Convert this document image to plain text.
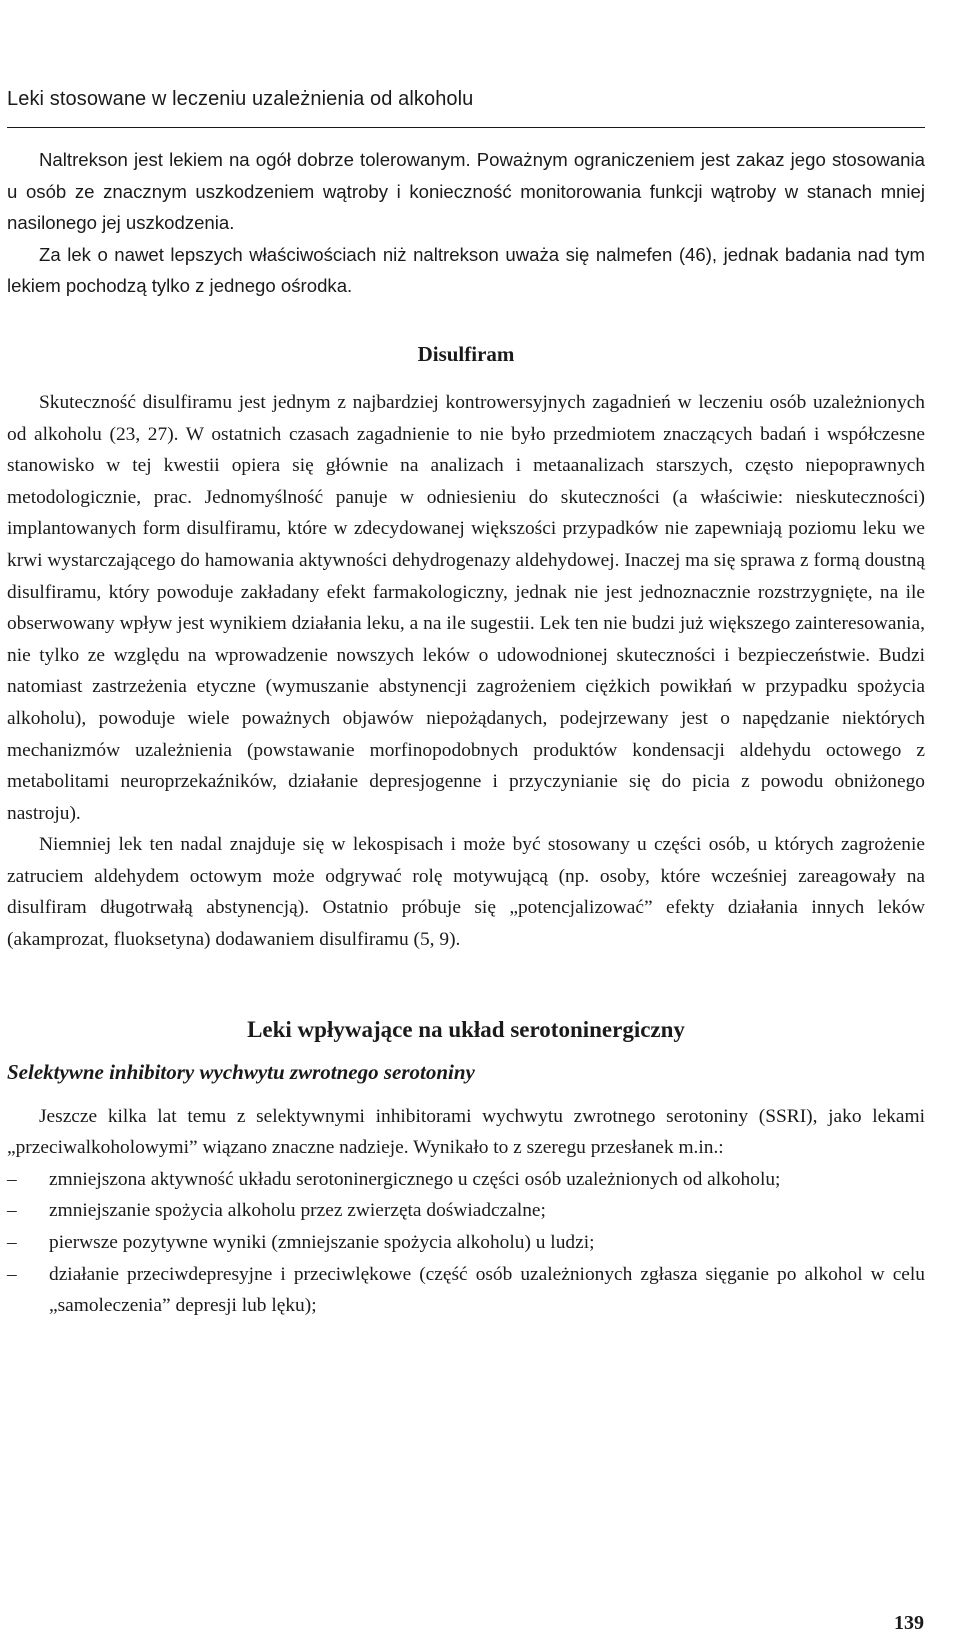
Leki stosowane w leczeniu uzależnienia od alkoholu

Naltrekson jest lekiem na ogół dobrze tolerowanym. Poważnym ograniczeniem jest zakaz jego stosowania u osób ze znacznym uszkodzeniem wątroby i konieczność monitorowania funkcji wątroby w stanach mniej nasilonego jej uszkodzenia.

Za lek o nawet lepszych właściwościach niż naltrekson uważa się nalmefen (46), jednak badania nad tym lekiem pochodzą tylko z jednego ośrodka.

Disulfiram

Skuteczność disulfiramu jest jednym z najbardziej kontrowersyjnych zagadnień w leczeniu osób uzależnionych od alkoholu (23, 27). W ostatnich czasach zagadnienie to nie było przedmiotem znaczących badań i współczesne stanowisko w tej kwestii opiera się głównie na analizach i metaanalizach starszych, często niepoprawnych metodologicznie, prac. Jednomyślność panuje w odniesieniu do skuteczności (a właściwie: nieskuteczności) implantowanych form disulfiramu, które w zdecydowanej większości przypadków nie zapewniają poziomu leku we krwi wystarczającego do hamowania aktywności dehydrogenazy aldehydowej. Inaczej ma się sprawa z formą doustną disulfiramu, który powoduje zakładany efekt farmakologiczny, jednak nie jest jednoznacznie rozstrzygnięte, na ile obserwowany wpływ jest wynikiem działania leku, a na ile sugestii. Lek ten nie budzi już większego zainteresowania, nie tylko ze względu na wprowadzenie nowszych leków o udowodnionej skuteczności i bezpieczeństwie. Budzi natomiast zastrzeżenia etyczne (wymuszanie abstynencji zagrożeniem ciężkich powikłań w przypadku spożycia alkoholu), powoduje wiele poważnych objawów niepożądanych, podejrzewany jest o napędzanie niektórych mechanizmów uzależnienia (powstawanie morfinopodobnych produktów kondensacji aldehydu octowego z metabolitami neuroprzekaźników, działanie depresjogenne i przyczynianie się do picia z powodu obniżonego nastroju).

Niemniej lek ten nadal znajduje się w lekospisach i może być stosowany u części osób, u których zagrożenie zatruciem aldehydem octowym może odgrywać rolę motywującą (np. osoby, które wcześniej zareagowały na disulfiram długotrwałą abstynencją). Ostatnio próbuje się „potencjalizować” efekty działania innych leków (akamprozat, fluoksetyna) dodawaniem disulfiramu (5, 9).

Leki wpływające na układ serotoninergiczny
Selektywne inhibitory wychwytu zwrotnego serotoniny

Jeszcze kilka lat temu z selektywnymi inhibitorami wychwytu zwrotnego serotoniny (SSRI), jako lekami „przeciwalkoholowymi” wiązano znaczne nadzieje. Wynikało to z szeregu przesłanek m.in.:

–	zmniejszona aktywność układu serotoninergicznego u części osób uzależnionych od alkoholu;
–	zmniejszanie spożycia alkoholu przez zwierzęta doświadczalne;
–	pierwsze pozytywne wyniki (zmniejszanie spożycia alkoholu) u ludzi;
–	działanie przeciwdepresyjne i przeciwlękowe (część osób uzależnionych zgłasza sięganie po alkohol w celu „samoleczenia” depresji lub lęku);
139
